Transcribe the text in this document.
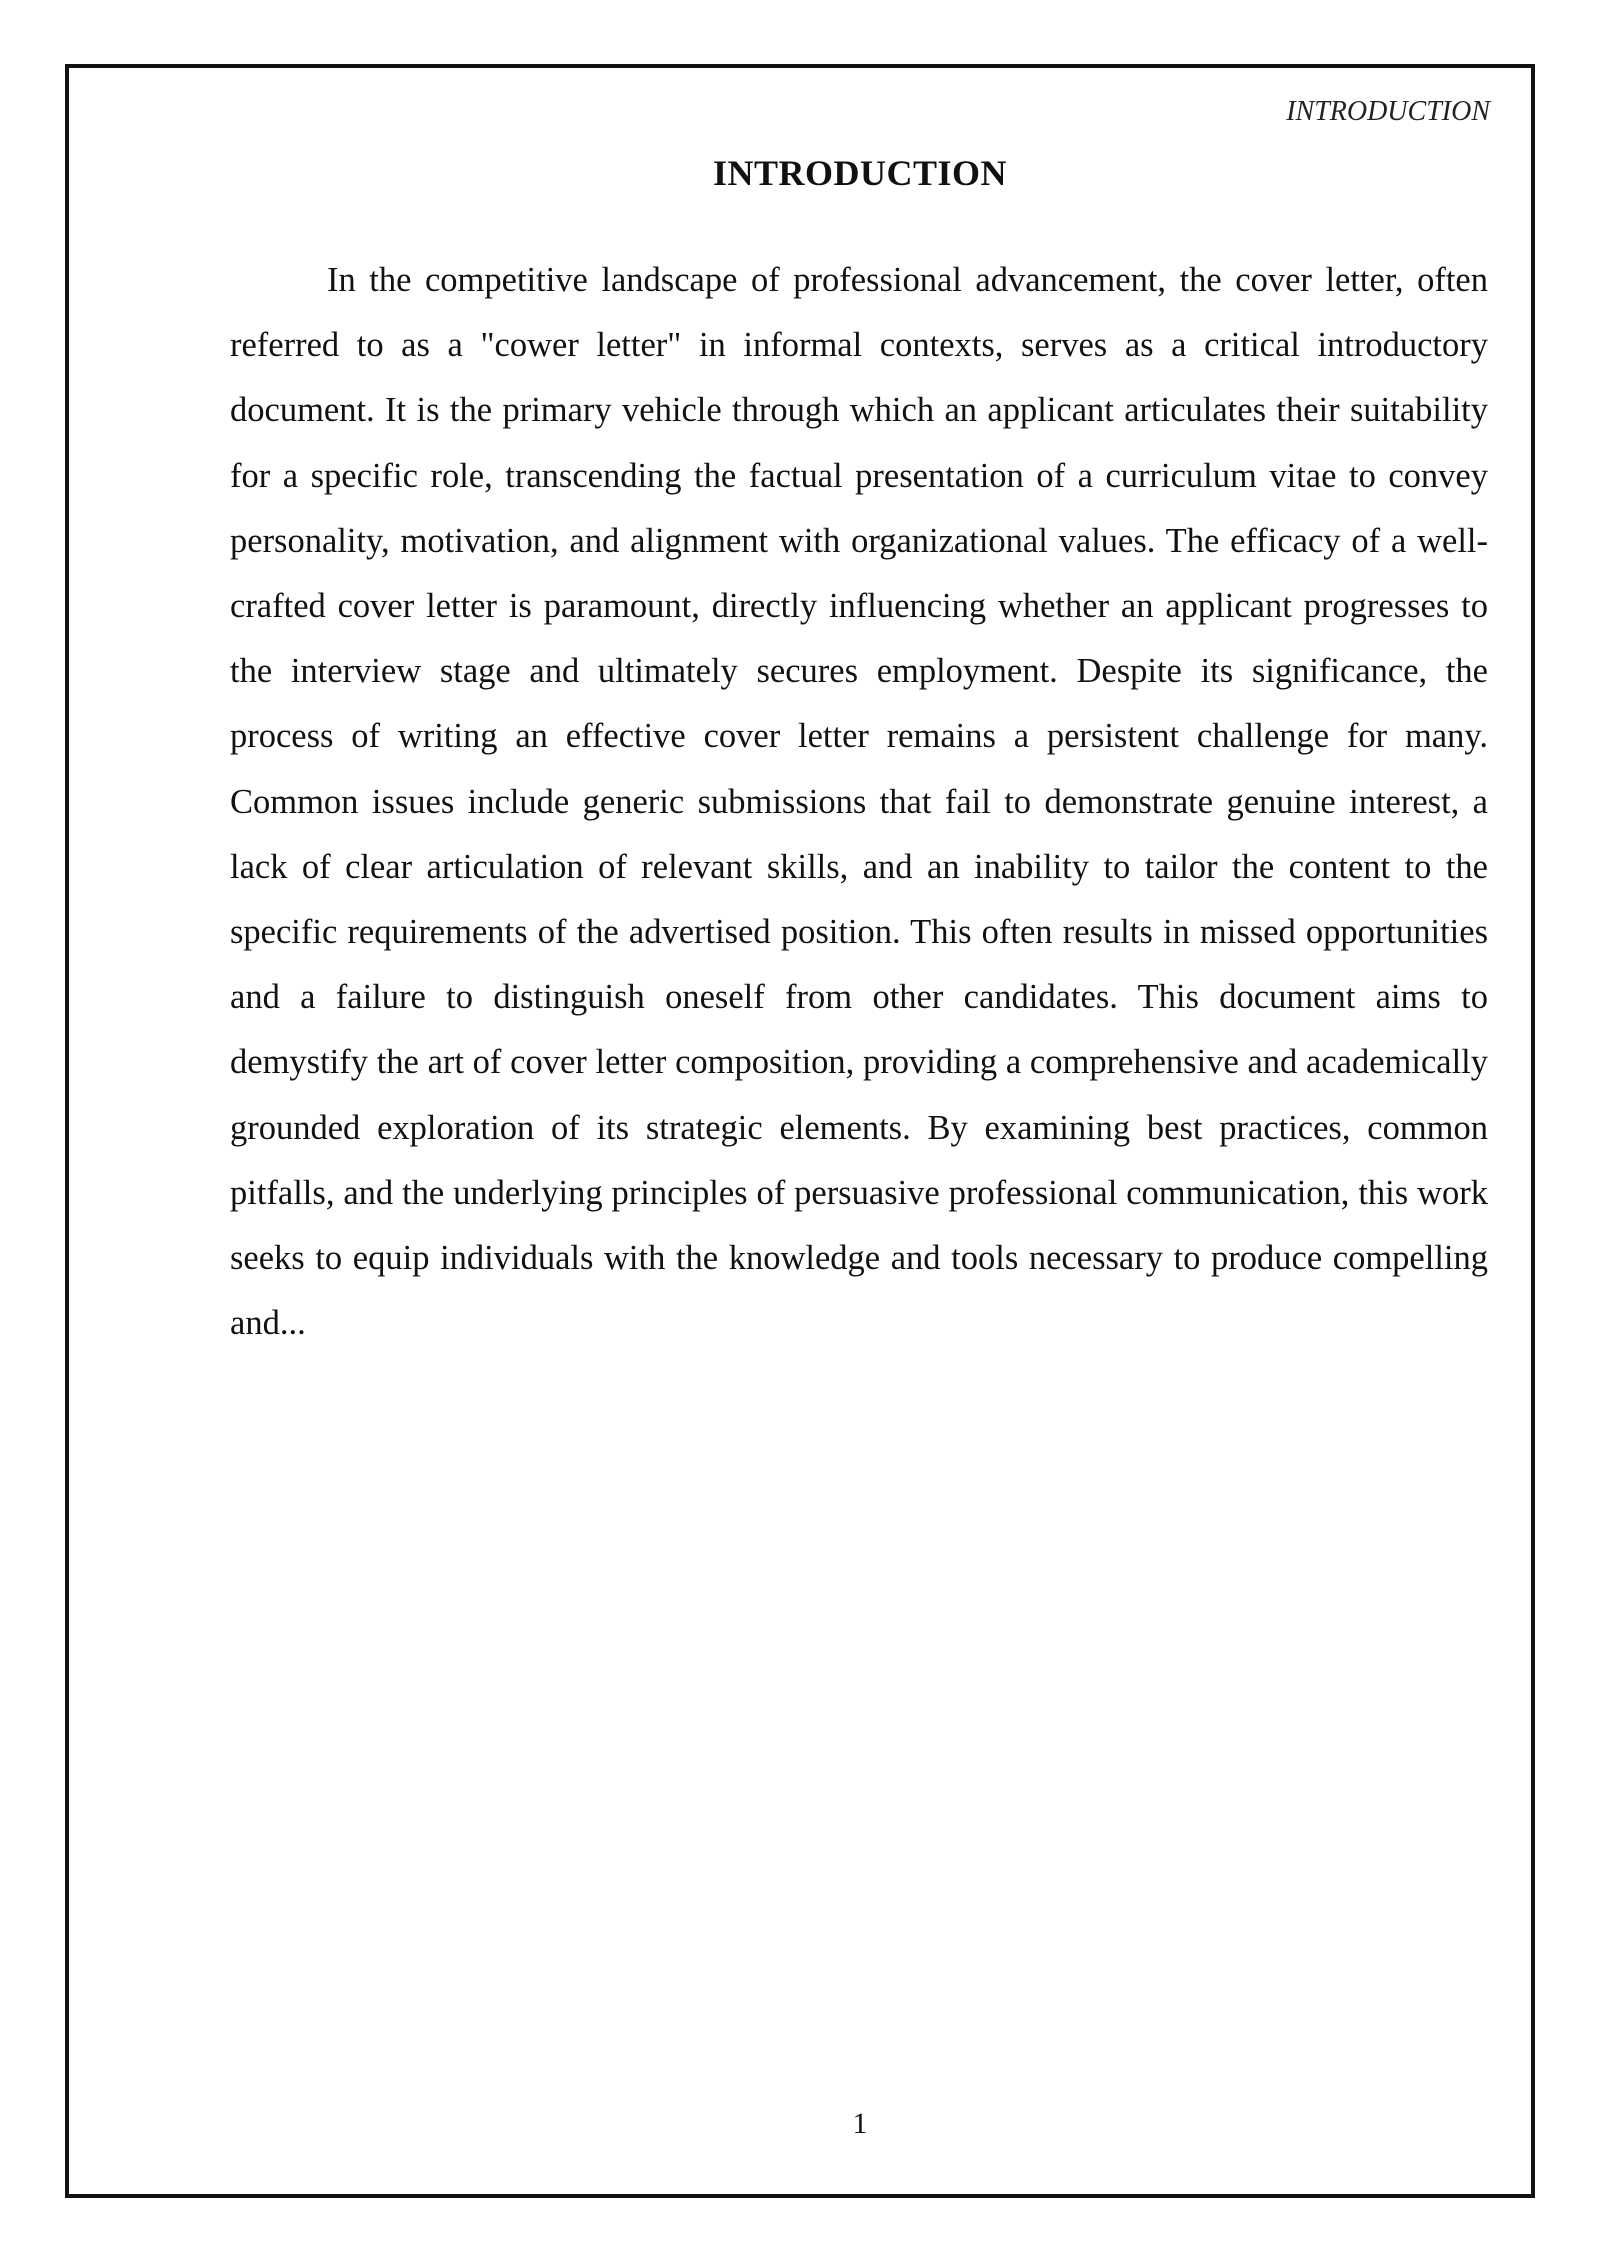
INTRODUCTION
INTRODUCTION

In the competitive landscape of professional advancement, the cover letter, often referred to as a "cower letter" in informal contexts, serves as a critical introductory document. It is the primary vehicle through which an applicant articulates their suitability for a specific role, transcending the factual presentation of a curriculum vitae to convey personality, motivation, and alignment with organizational values. The efficacy of a well-crafted cover letter is paramount, directly influencing whether an applicant progresses to the interview stage and ultimately secures employment. Despite its significance, the process of writing an effective cover letter remains a persistent challenge for many. Common issues include generic submissions that fail to demonstrate genuine interest, a lack of clear articulation of relevant skills, and an inability to tailor the content to the specific requirements of the advertised position. This often results in missed opportunities and a failure to distinguish oneself from other candidates. This document aims to demystify the art of cover letter composition, providing a comprehensive and academically grounded exploration of its strategic elements. By examining best practices, common pitfalls, and the underlying principles of persuasive professional communication, this work seeks to equip individuals with the knowledge and tools necessary to produce compelling and...

1
